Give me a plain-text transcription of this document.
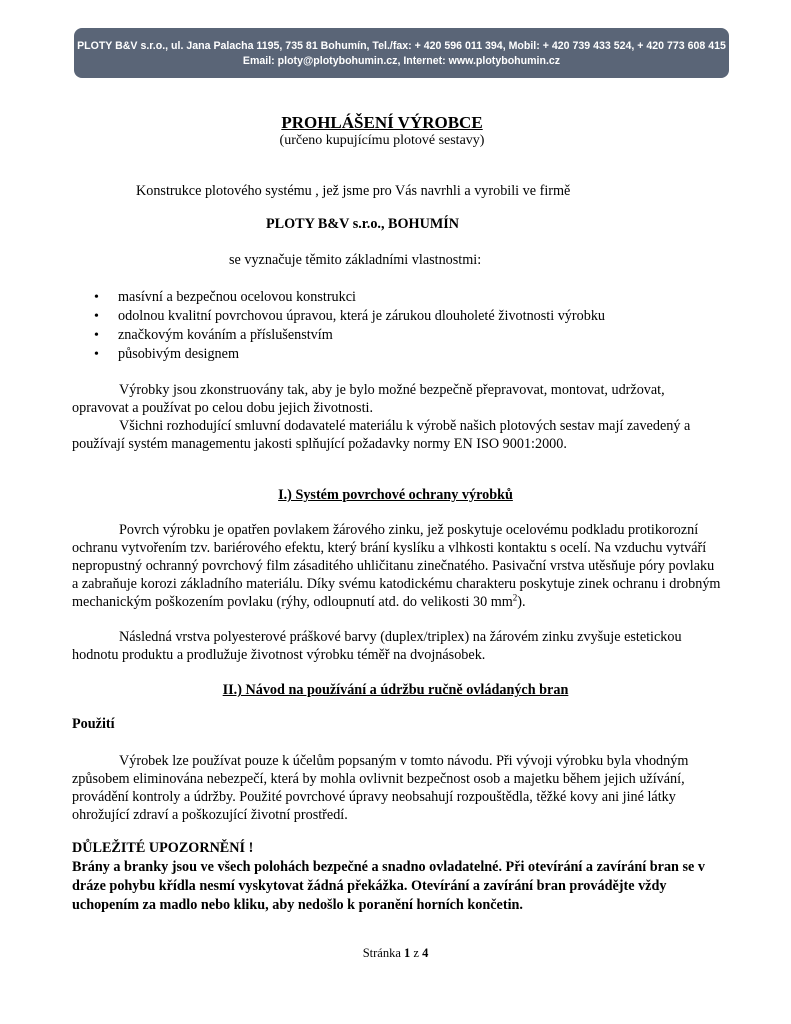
PLOTY B&V s.r.o., ul. Jana Palacha 1195, 735 81 Bohumín, Tel./fax: + 420 596 011 394, Mobil: + 420 739 433 524, + 420 773 608 415
Email: ploty@plotybohumin.cz, Internet: www.plotybohumin.cz
PROHLÁŠENÍ VÝROBCE
(určeno kupujícímu plotové sestavy)
Konstrukce plotového systému , jež jsme pro Vás navrhli a vyrobili ve firmě
PLOTY B&V s.r.o., BOHUMÍN
se vyznačuje těmito základními vlastnostmi:
• masívní a bezpečnou ocelovou konstrukci
• odolnou kvalitní povrchovou úpravou, která je zárukou dlouholeté životnosti výrobku
• značkovým kováním a příslušenstvím
• působivým designem
Výrobky jsou zkonstruovány tak, aby je bylo možné bezpečně přepravovat, montovat, udržovat, opravovat a používat po celou dobu jejich životnosti.
Všichni rozhodující smluvní dodavatelé materiálu k výrobě našich plotových sestav mají zavedený a používají systém managementu jakosti splňující požadavky normy EN ISO 9001:2000.
I.) Systém povrchové ochrany výrobků
Povrch výrobku je opatřen povlakem žárového zinku, jež poskytuje ocelovému podkladu protikorozní ochranu vytvořením tzv. bariérového efektu, který brání kyslíku a vlhkosti kontaktu s ocelí. Na vzduchu vytváří nepropustný ochranný povrchový film zásaditého uhličitanu zinečnatého. Pasivační vrstva utěsňuje póry povlaku a zabraňuje korozi základního materiálu. Díky svému katodickému charakteru poskytuje zinek ochranu i drobným mechanickým poškozením povlaku (rýhy, odloupnutí atd. do velikosti 30 $mm^2$).
Následná vrstva polyesterové práškové barvy (duplex/triplex) na žárovém zinku zvyšuje estetickou hodnotu produktu a prodlužuje životnost výrobku téměř na dvojnásobek.
II.) Návod na používání a údržbu ručně ovládaných bran
Použití
Výrobek lze používat pouze k účelům popsaným v tomto návodu. Při vývoji výrobku byla vhodným způsobem eliminována nebezpečí, která by mohla ovlivnit bezpečnost osob a majetku během jejich užívání, provádění kontroly a údržby. Použité povrchové úpravy neobsahují rozpouštědla, těžké kovy ani jiné látky ohrožující zdraví a poškozující životní prostředí.
DŮLEŽITÉ UPOZORNĚNÍ !
Brány a branky jsou ve všech polohách bezpečné a snadno ovladatelné. Při otevírání a zavírání bran se v dráze pohybu křídla nesmí vyskytovat žádná překážka. Otevírání a zavírání bran provádějte vždy uchopením za madlo nebo kliku, aby nedošlo k poranění horních končetin.
Stránka 1 z 4
